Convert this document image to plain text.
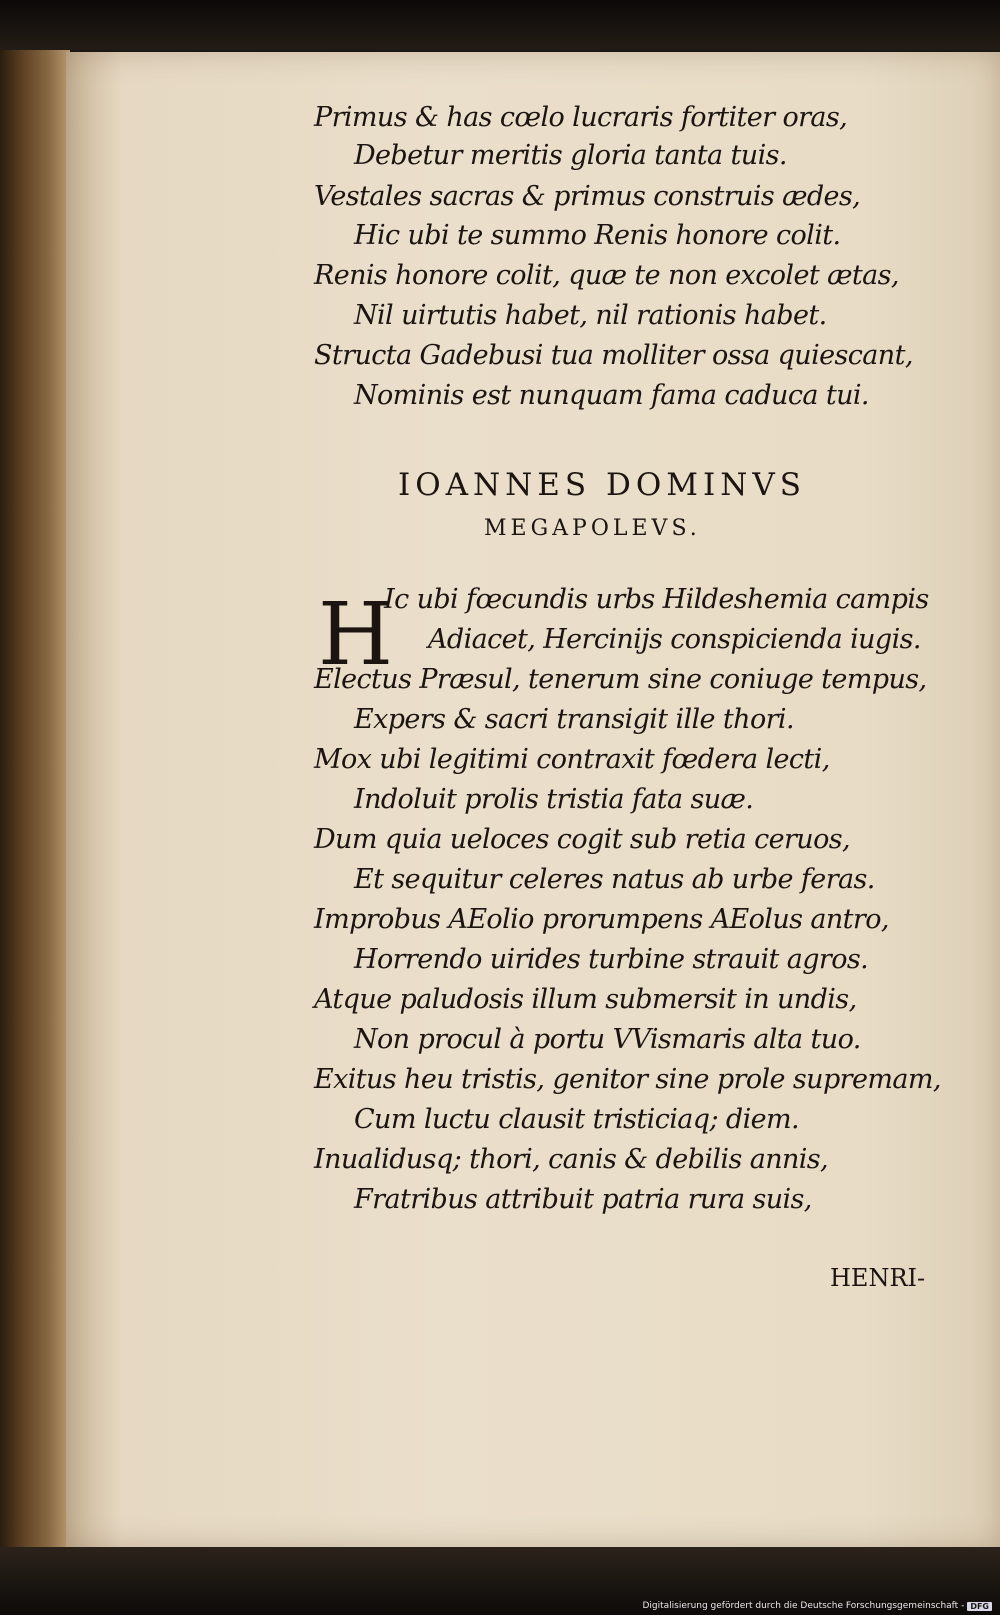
Primus & has cœlo lucraris fortiter oras,
Debetur meritis gloria tanta tuis.
Vestales sacras & primus construis ædes,
Hic ubi te summo Renis honore colit.
Renis honore colit, quæ te non excolet ætas,
Nil uirtutis habet, nil rationis habet.
Structa Gadebusi tua molliter ossa quiescant,
Nominis est nunquam fama caduca tui.
IOANNES DOMINVS
MEGAPOLEVS.
H
Ic ubi fœcundis urbs Hildeshemia campis
Adiacet, Hercinijs conspicienda iugis.
Electus Præsul, tenerum sine coniuge tempus,
Expers & sacri transigit ille thori.
Mox ubi legitimi contraxit fœdera lecti,
Indoluit prolis tristia fata suæ.
Dum quia ueloces cogit sub retia ceruos,
Et sequitur celeres natus ab urbe feras.
Improbus AEolio prorumpens AEolus antro,
Horrendo uirides turbine strauit agros.
Atque paludosis illum submersit in undis,
Non procul à portu VVismaris alta tuo.
Exitus heu tristis, genitor sine prole supremam,
Cum luctu clausit tristiciaq; diem.
Inualidusq; thori, canis & debilis annis,
Fratribus attribuit patria rura suis,
HENRI-
Digitalisierung gefördert durch die Deutsche Forschungsgemeinschaft - DFG
